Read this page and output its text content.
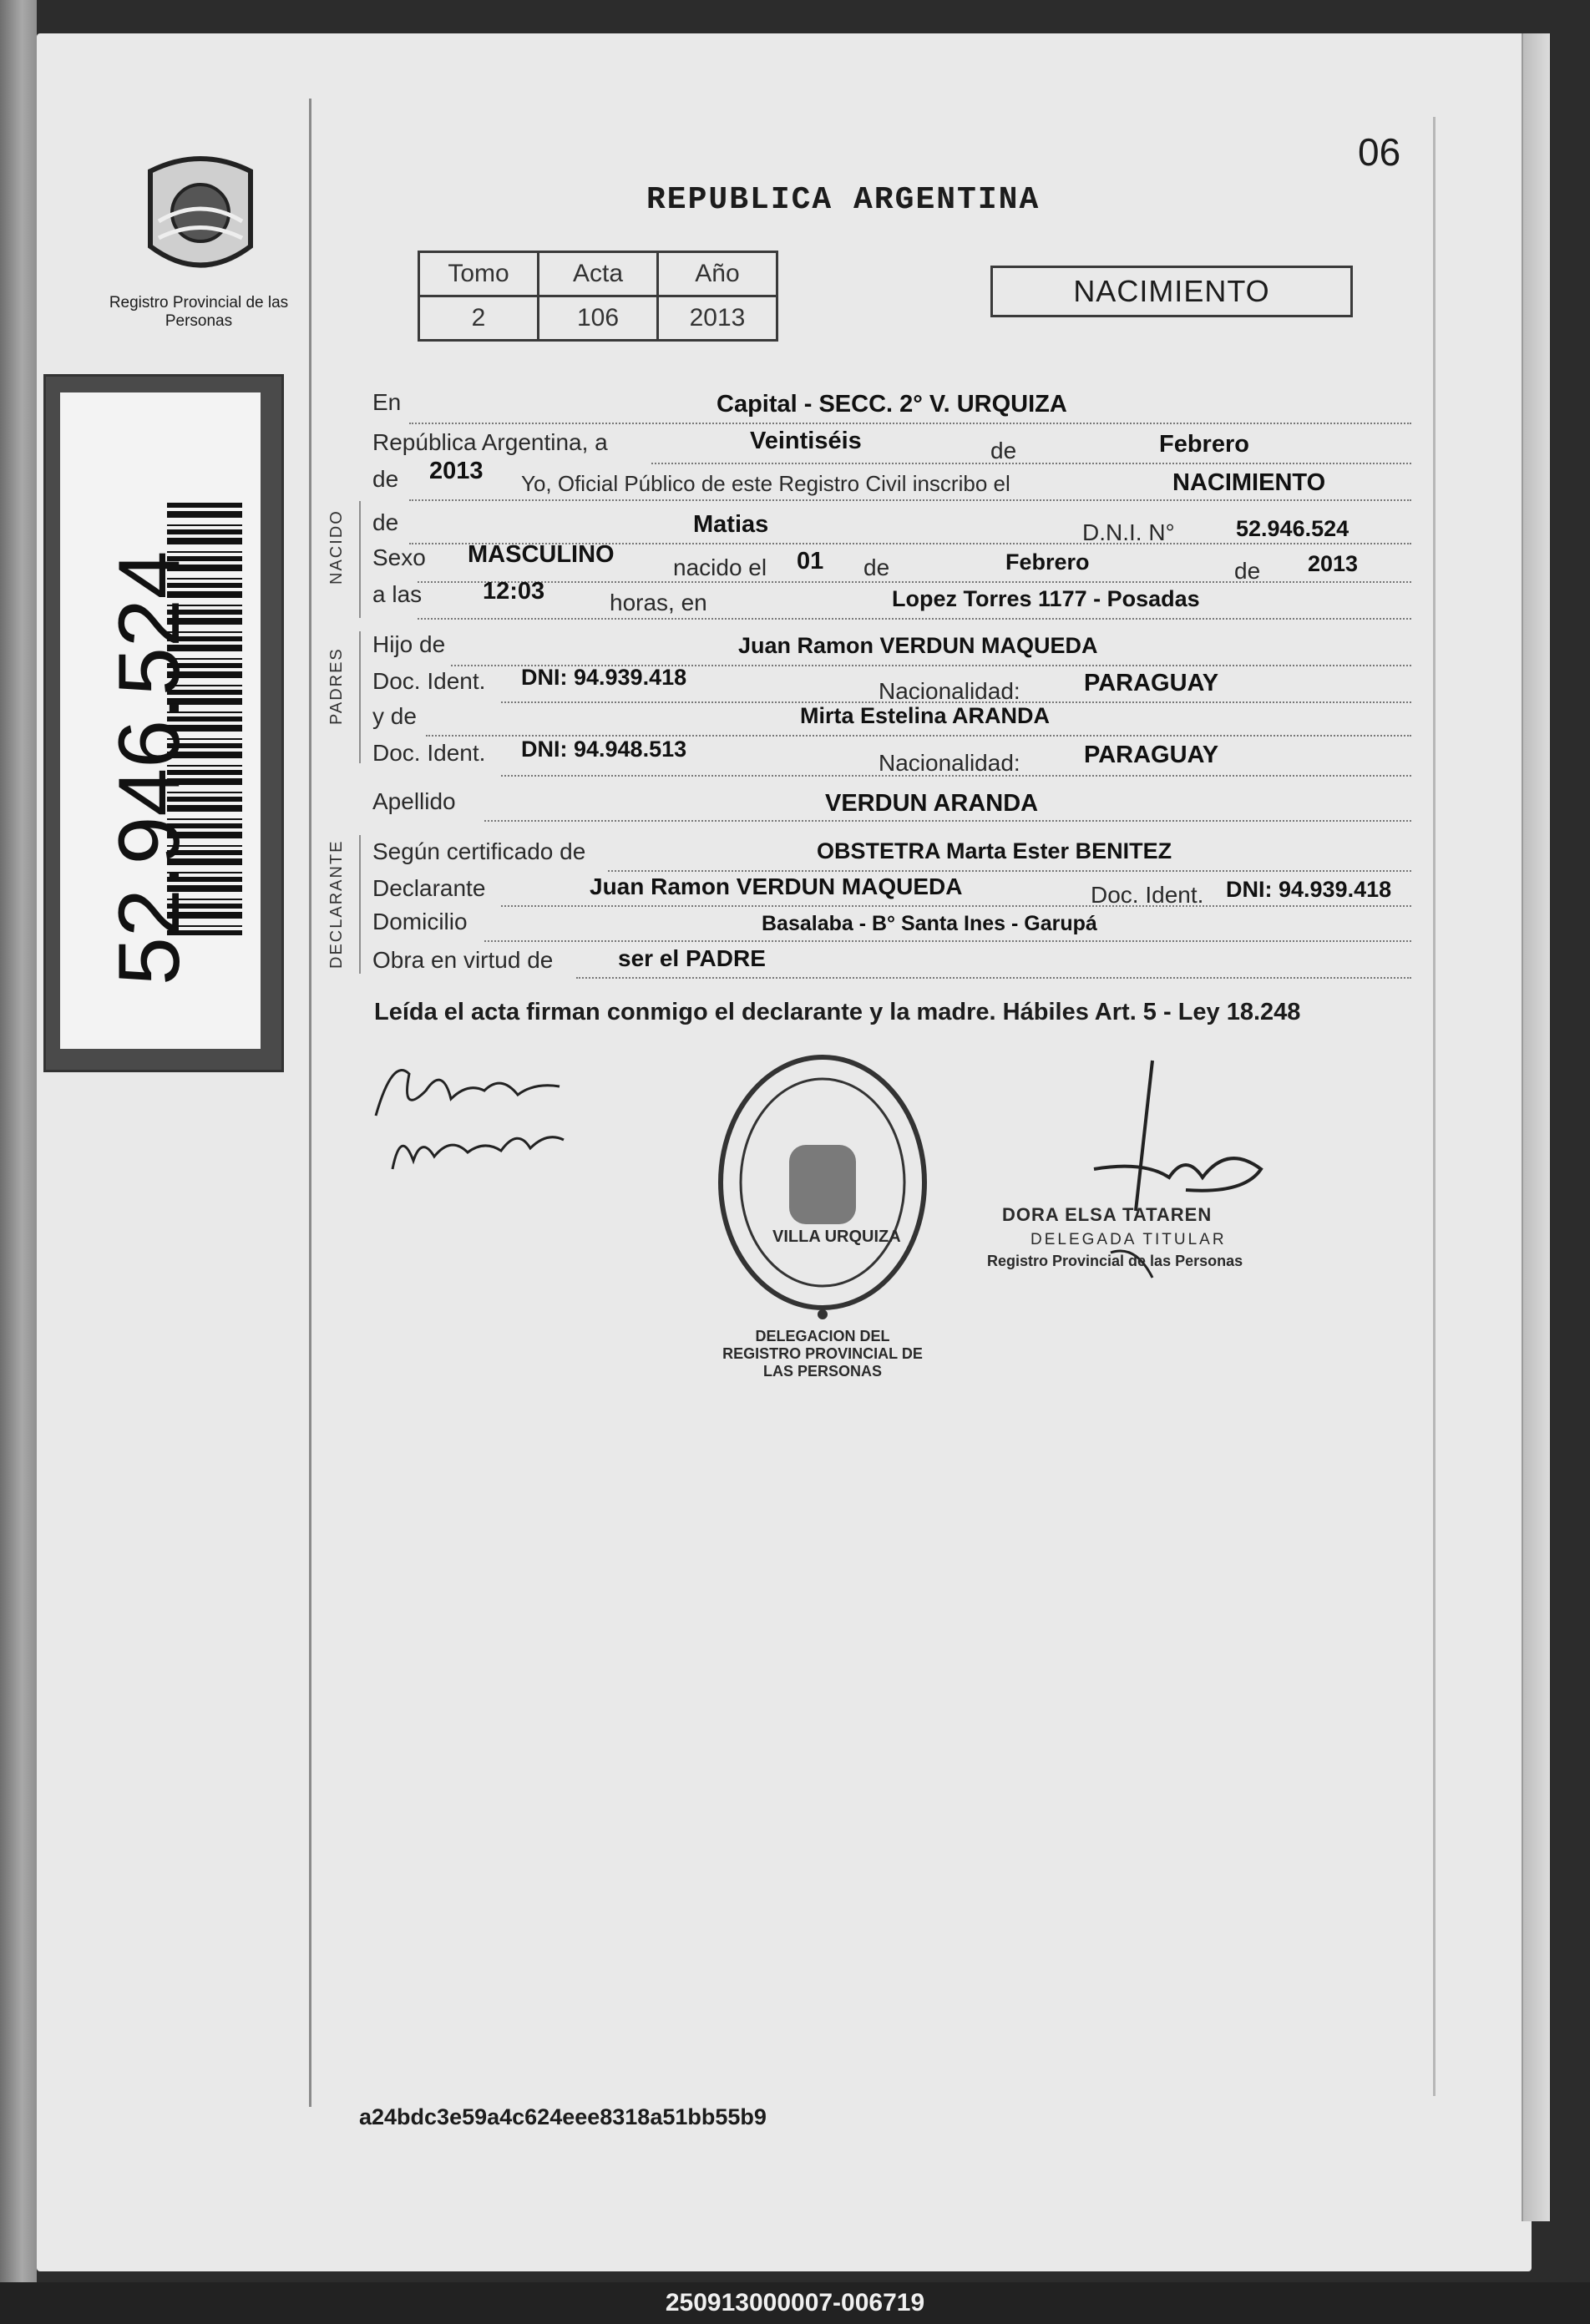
Registro Provincial de las Personas
52.946.524
06
REPUBLICA ARGENTINA
Tomo	Acta	Año
2	106	2013
NACIMIENTO
NACIDO
PADRES
DECLARANTE
En	Capital - SECC. 2° V. URQUIZA
República Argentina, a	Veintiséis	de	Febrero
de 2013 Yo, Oficial Público de este Registro Civil inscribo el	NACIMIENTO
de	Matias	D.N.I. N°	52.946.524
Sexo MASCULINO	nacido el 01 de	Febrero	de 2013
a las	12:03	horas, en	Lopez Torres 1177 - Posadas
Hijo de	Juan Ramon VERDUN MAQUEDA
Doc. Ident. DNI: 94.939.418
Nacionalidad:	PARAGUAY
y de	Mirta Estelina ARANDA
Doc. Ident. DNI: 94.948.513
Nacionalidad:	PARAGUAY
Apellido	VERDUN ARANDA
Según certificado de	OBSTETRA Marta Ester BENITEZ
Declarante	Juan Ramon VERDUN MAQUEDA	Doc. Ident. DNI: 94.939.418
Domicilio	Basalaba - B° Santa Ines - Garupá
Obra en virtud de	ser el PADRE
Leída el acta firman conmigo el declarante y la madre. Hábiles Art. 5 - Ley 18.248
DELEGACION DEL REGISTRO PROVINCIAL DE LAS PERSONAS
VILLA URQUIZA
DORA ELSA TATAREN
DELEGADA TITULAR
Registro Provincial de las Personas
a24bdc3e59a4c624eee8318a51bb55b9
250913000007-006719
